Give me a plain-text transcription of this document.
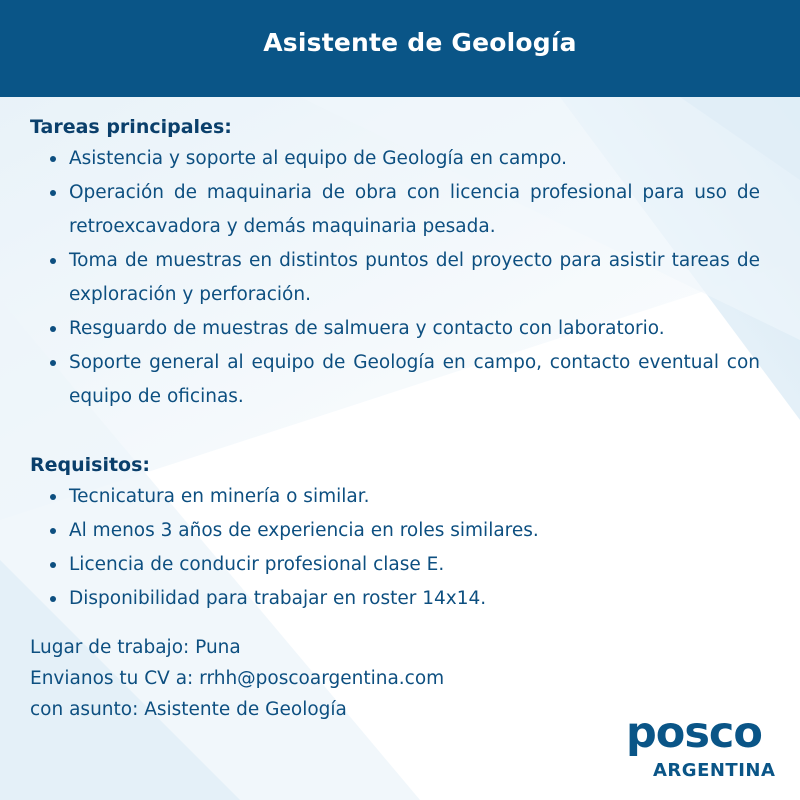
Asistente de Geología
Tareas principales:
Asistencia y soporte al equipo de Geología en campo.
Operación de maquinaria de obra con licencia profesional para uso de retroexcavadora y demás maquinaria pesada.
Toma de muestras en distintos puntos del proyecto para asistir tareas de exploración y perforación.
Resguardo de muestras de salmuera y contacto con laboratorio.
Soporte general al equipo de Geología en campo, contacto eventual con equipo de oficinas.
Requisitos:
Tecnicatura en minería o similar.
Al menos 3 años de experiencia en roles similares.
Licencia de conducir profesional clase E.
Disponibilidad para trabajar en roster 14x14.
Lugar de trabajo: Puna
Envianos tu CV a: rrhh@poscoargentina.com
con asunto: Asistente de Geología	posco
ARGENTINA
